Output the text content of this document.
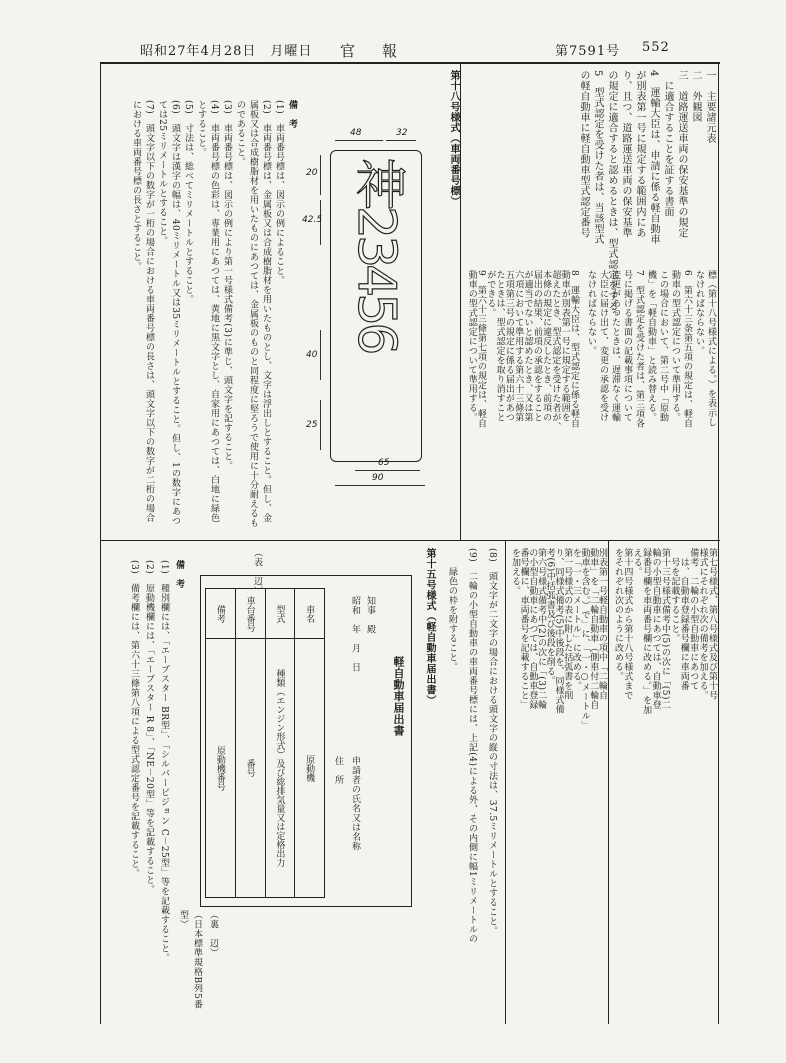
昭和27年4月28日　月曜日 官　報	第7591号 552
一　主要諸元表
二　外観図
三　道路運送車両の保安基準の規定
　に適合することを証する書面
4　運輸大臣は、申請に係る軽自動車
が別表第一号に規定する範囲内にあ
り、且つ、道路運送車両の保安基準
の規定に適合すると認めるときは、型式認定をする。
5　型式認定を受けた者は、当該型式
の軽自動車に軽自動車型式認定番号
第十八号様式（車両番号標）
神23456
48	32
20
42.5
40
25
65
90
備　考
(1)　車両番号標は、図示の例によること。
(2)　車両番号標は、金属板又は合成樹脂材を用いたものとし、文字は浮出しとすること。但し、金属板又は合成樹脂材を用いたものにあつては、金属板のものと同程度に堅ろうで使用に十分耐えるものであること。
(3)　車両番号標は、図示の例により第一号様式備考(3)に準じ、頭文字を記すること。
(4)　車両番号標の色彩は、専業用にあつては、黄地に黒文字とし、自家用にあつては、白地に緑色とすること。
(5)　寸法は、総べてミリメートルとすること。
(6)　頭文字は漢字の幅は、40ミリメートル又は35ミリメートルとすること。但し、1の数字にあつては25ミリメートルとすること。
(7)　頭文字以下の数字が一桁の場合における車両番号標の長さは、頭文字以下の数字が二桁の場合における車両番号標の長さとすること。
標（第十八号様式による。）を表示し
なければならない。
6　第六十三条第五項の規定は、軽自
動車の型式認定について準用する。
この場合において、第二号中「原動
機」を「軽自動車」と読み替える。
7　型式認定を受けた者は、第三項各
号に掲げる書面の記載事項について
変更があつたときは、遅滞なく運輸
大臣に届け出て、変更の承認を受け
なければならない。
8　運輸大臣は、型式認定に係る軽自
動車が別表第一号に規定する範囲を
超えたとき、型式認定を受けた者が、
本條の規定に違反したとき、前項の
届出の結果、前項の承認をすること
が適当でないと認めたとき、又は第
六項において準用する第六十三條第
五項第三号の規定に係る届出があつ
たときは、型式認定を取り消すこと
ができる。
9　第六十三條第七項の規定は、軽自
動車の型式認定について準用する。
第七号様式、第八号様式及び第十号
様式にそれぞれ次の備考を加える。
備考　二輪の小型自動車にあつて
　は、自動車登録番号欄に車両番
　号を記載すること。
第十三号様式備考中(5)の次に「(5)二
輪の小型自動車にあつては、自動車登
録番号欄を車両番号欄に改める。」を加
える。
第十四号様式から第十八号様式まで
をそれぞれ次のように改める。
別表第一号軽自動車の項中「二輪自
動車」を「二輪自動車（側車付二輪自
動車を含む。）で」に、「一・○メートル」
を「一・三メートル」に改める。
第一号様式の表に附した括弧書を削
り、同様式備考(5)中後段を、同様式備
考(6)中括弧書及び後段を削る。
第六号様式備考中(2)の次に「(3)二輪
の小型自動車にあつては、自動車登録
番号欄に、車両番号を記載すること」
を加える。
(8)　頭文字が二文字の場合における頭文字の縦の寸法は、37.5ミリメートルとすること。
(9)　二輪の小型自動車の車両番号標には、上記(4)による外、その内側に幅1ミリメートルの
　　緑色の枠を附すること。
第十五号様式（軽自動車届出書）
（表　辺）
軽自動車届出書
知事　殿
昭和　年　月　日
申請者の氏名又は名称
住　所
備考	車台番号	型式	車名
原動機番号	番号	種類（エンジン形式）及び総排気量又は定格出力	原動機
（裏　辺）
（日本標準規格B列5番型）
備　考
(1)　種別欄には、「エーブスター BR型」、「シルバーピジョン C－25型」等を記載すること。
(2)　原動機欄には、「エーブスター R 8」、「NE－20型」等を記載すること。
(3)　備考欄には、第六十三條第八項による型式認定番号を記載すること。
